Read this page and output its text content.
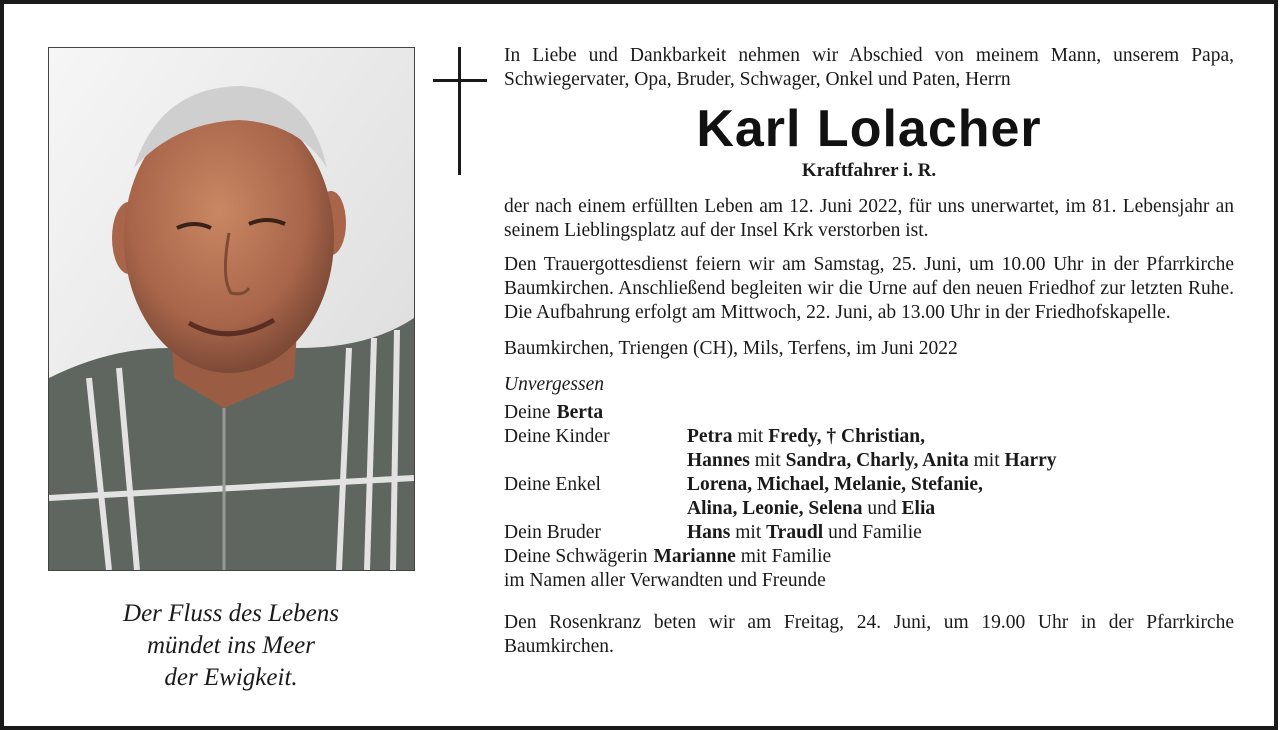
Der Fluss des Lebens
mündet ins Meer
der Ewigkeit.

In Liebe und Dankbarkeit nehmen wir Abschied von meinem Mann, unserem Papa, Schwiegervater, Opa, Bruder, Schwager, Onkel und Paten, Herrn

Karl Lolacher

Kraftfahrer i. R.

der nach einem erfüllten Leben am 12. Juni 2022, für uns unerwartet, im 81. Lebensjahr an seinem Lieblingsplatz auf der Insel Krk verstorben ist.

Den Trauergottesdienst feiern wir am Samstag, 25. Juni, um 10.00 Uhr in der Pfarrkirche Baumkirchen. Anschließend begleiten wir die Urne auf den neuen Friedhof zur letzten Ruhe. Die Aufbahrung erfolgt am Mittwoch, 22. Juni, ab 13.00 Uhr in der Friedhofskapelle.

Baumkirchen, Triengen (CH), Mils, Terfens, im Juni 2022

Unvergessen

Deine Berta
Deine Kinder	Petra mit Fredy, † Christian,
Hannes mit Sandra, Charly, Anita mit Harry
Deine Enkel	Lorena, Michael, Melanie, Stefanie,
Alina, Leonie, Selena und Elia
Dein Bruder	Hans mit Traudl und Familie
Deine Schwägerin Marianne mit Familie
im Namen aller Verwandten und Freunde

Den Rosenkranz beten wir am Freitag, 24. Juni, um 19.00 Uhr in der Pfarrkirche Baumkirchen.
